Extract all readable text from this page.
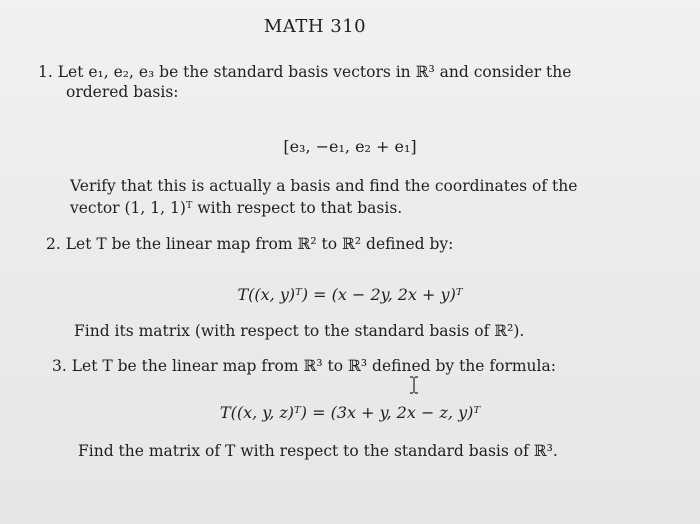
MATH 310
1. Let e₁, e₂, e₃ be the standard basis vectors in ℝ³ and consider the
ordered basis:
[e₃, −e₁, e₂ + e₁]
Verify that this is actually a basis and find the coordinates of the
vector (1, 1, 1)ᵀ with respect to that basis.
2. Let T be the linear map from ℝ² to ℝ² defined by:
T((x, y)ᵀ) = (x − 2y, 2x + y)ᵀ
Find its matrix (with respect to the standard basis of ℝ²).
3. Let T be the linear map from ℝ³ to ℝ³ defined by the formula:
T((x, y, z)ᵀ) = (3x + y, 2x − z, y)ᵀ
Find the matrix of T with respect to the standard basis of ℝ³.
